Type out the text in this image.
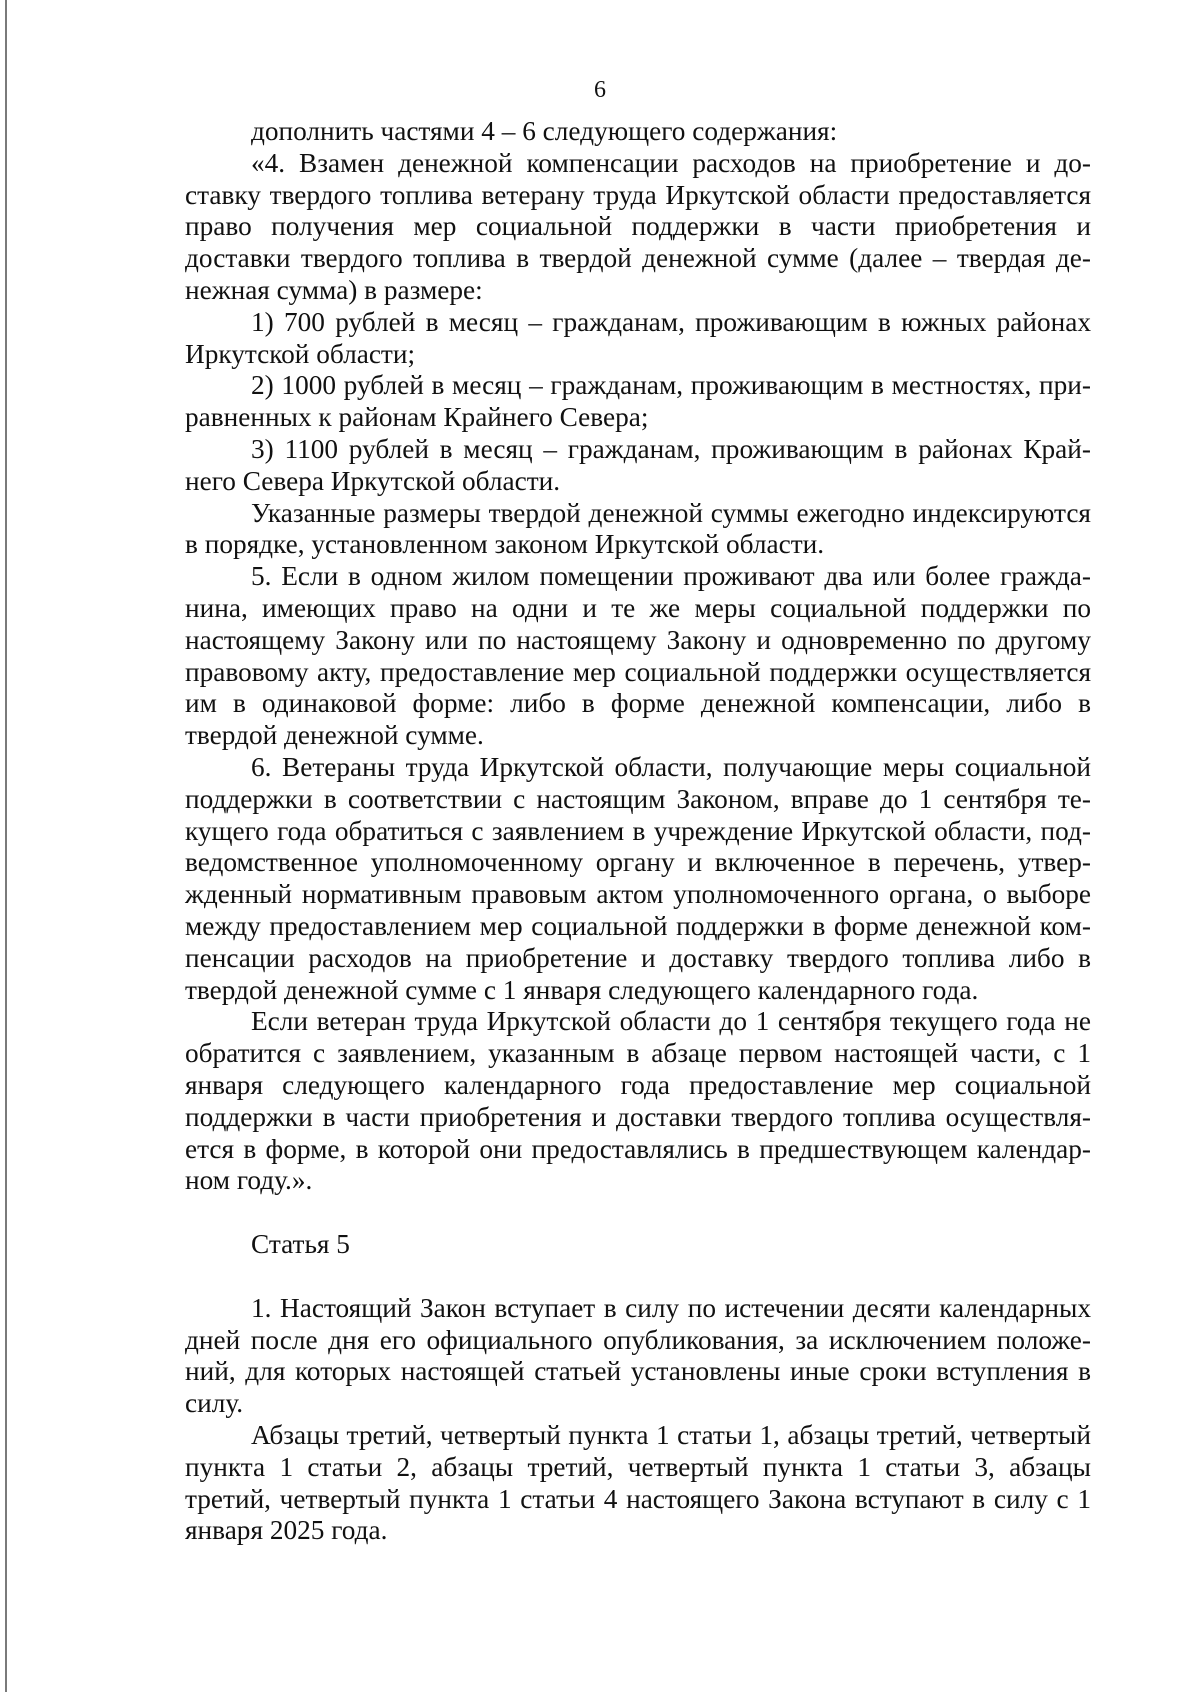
6

дополнить частями 4 – 6 следующего содержания:

«4. Взамен денежной компенсации расходов на приобретение и доставку твердого топлива ветерану труда Иркутской области предоставляется право получения мер социальной поддержки в части приобретения и доставки твердого топлива в твердой денежной сумме (далее – твердая денежная сумма) в размере:

1) 700 рублей в месяц – гражданам, проживающим в южных районах Иркутской области;

2) 1000 рублей в месяц – гражданам, проживающим в местностях, приравненных к районам Крайнего Севера;

3) 1100 рублей в месяц – гражданам, проживающим в районах Крайнего Севера Иркутской области.

Указанные размеры твердой денежной суммы ежегодно индексируются в порядке, установленном законом Иркутской области.

5. Если в одном жилом помещении проживают два или более гражданина, имеющих право на одни и те же меры социальной поддержки по настоящему Закону или по настоящему Закону и одновременно по другому правовому акту, предоставление мер социальной поддержки осуществляется им в одинаковой форме: либо в форме денежной компенсации, либо в твердой денежной сумме.

6. Ветераны труда Иркутской области, получающие меры социальной поддержки в соответствии с настоящим Законом, вправе до 1 сентября текущего года обратиться с заявлением в учреждение Иркутской области, подведомственное уполномоченному органу и включенное в перечень, утвержденный нормативным правовым актом уполномоченного органа, о выборе между предоставлением мер социальной поддержки в форме денежной компенсации расходов на приобретение и доставку твердого топлива либо в твердой денежной сумме с 1 января следующего календарного года.

Если ветеран труда Иркутской области до 1 сентября текущего года не обратится с заявлением, указанным в абзаце первом настоящей части, с 1 января следующего календарного года предоставление мер социальной поддержки в части приобретения и доставки твердого топлива осуществляется в форме, в которой они предоставлялись в предшествующем календарном году.».

Статья 5

1. Настоящий Закон вступает в силу по истечении десяти календарных дней после дня его официального опубликования, за исключением положений, для которых настоящей статьей установлены иные сроки вступления в силу.

Абзацы третий, четвертый пункта 1 статьи 1, абзацы третий, четвертый пункта 1 статьи 2, абзацы третий, четвертый пункта 1 статьи 3, абзацы третий, четвертый пункта 1 статьи 4 настоящего Закона вступают в силу с 1 января 2025 года.
